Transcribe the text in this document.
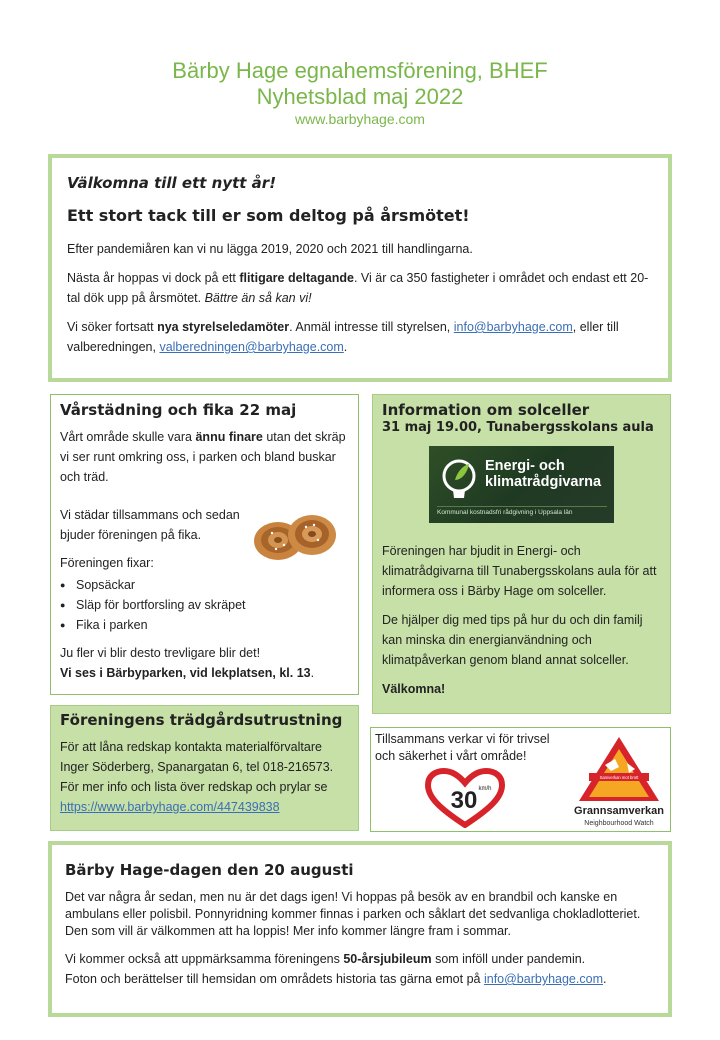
Bärby Hage egnahemsförening, BHEF
Nyhetsblad maj 2022
www.barbyhage.com
Välkomna till ett nytt år!
Ett stort tack till er som deltog på årsmötet!

Efter pandemiåren kan vi nu lägga 2019, 2020 och 2021 till handlingarna.

Nästa år hoppas vi dock på ett flitigare deltagande. Vi är ca 350 fastigheter i området och endast ett 20-tal dök upp på årsmötet. Bättre än så kan vi!

Vi söker fortsatt nya styrelseledamöter. Anmäl intresse till styrelsen, info@barbyhage.com, eller till valberedningen, valberedningen@barbyhage.com.

Vårstädning och fika 22 maj

Vårt område skulle vara ännu finare utan det skräp vi ser runt omkring oss, i parken och bland buskar och träd.

Vi städar tillsammans och sedan
bjuder föreningen på fika.

Föreningen fixar:

● Sopsäckar
● Släp för bortforsling av skräpet
● Fika i parken

Ju fler vi blir desto trevligare blir det!
Vi ses i Bärbyparken, vid lekplatsen, kl. 13.

Information om solceller
31 maj 19.00, Tunabergsskolans aula
Energi- och
klimatrådgivarna
Kommunal kostnadsfri rådgivning i Uppsala län

Föreningen har bjudit in Energi- och klimatrådgivarna till Tunabergsskolans aula för att informera oss i Bärby Hage om solceller.

De hjälper dig med tips på hur du och din familj kan minska din energianvändning och klimatpåverkan genom bland annat solceller.

Välkomna!

Föreningens trädgårdsutrustning

För att låna redskap kontakta materialförvaltare Inger Söderberg, Spanargatan 6, tel 018-216573. För mer info och lista över redskap och prylar se https://www.barbyhage.com/447439838

Tillsammans verkar vi för trivsel och säkerhet i vårt område!
30 km/h
Samverkan mot brott
Grannsamverkan
Neighbourhood Watch
Bärby Hage-dagen den 20 augusti

Det var några år sedan, men nu är det dags igen! Vi hoppas på besök av en brandbil och kanske en ambulans eller polisbil. Ponnyridning kommer finnas i parken och såklart det sedvanliga chokladlotteriet. Den som vill är välkommen att ha loppis! Mer info kommer längre fram i sommar.

Vi kommer också att uppmärksamma föreningens 50-årsjubileum som inföll under pandemin.

Foton och berättelser till hemsidan om områdets historia tas gärna emot på info@barbyhage.com.
